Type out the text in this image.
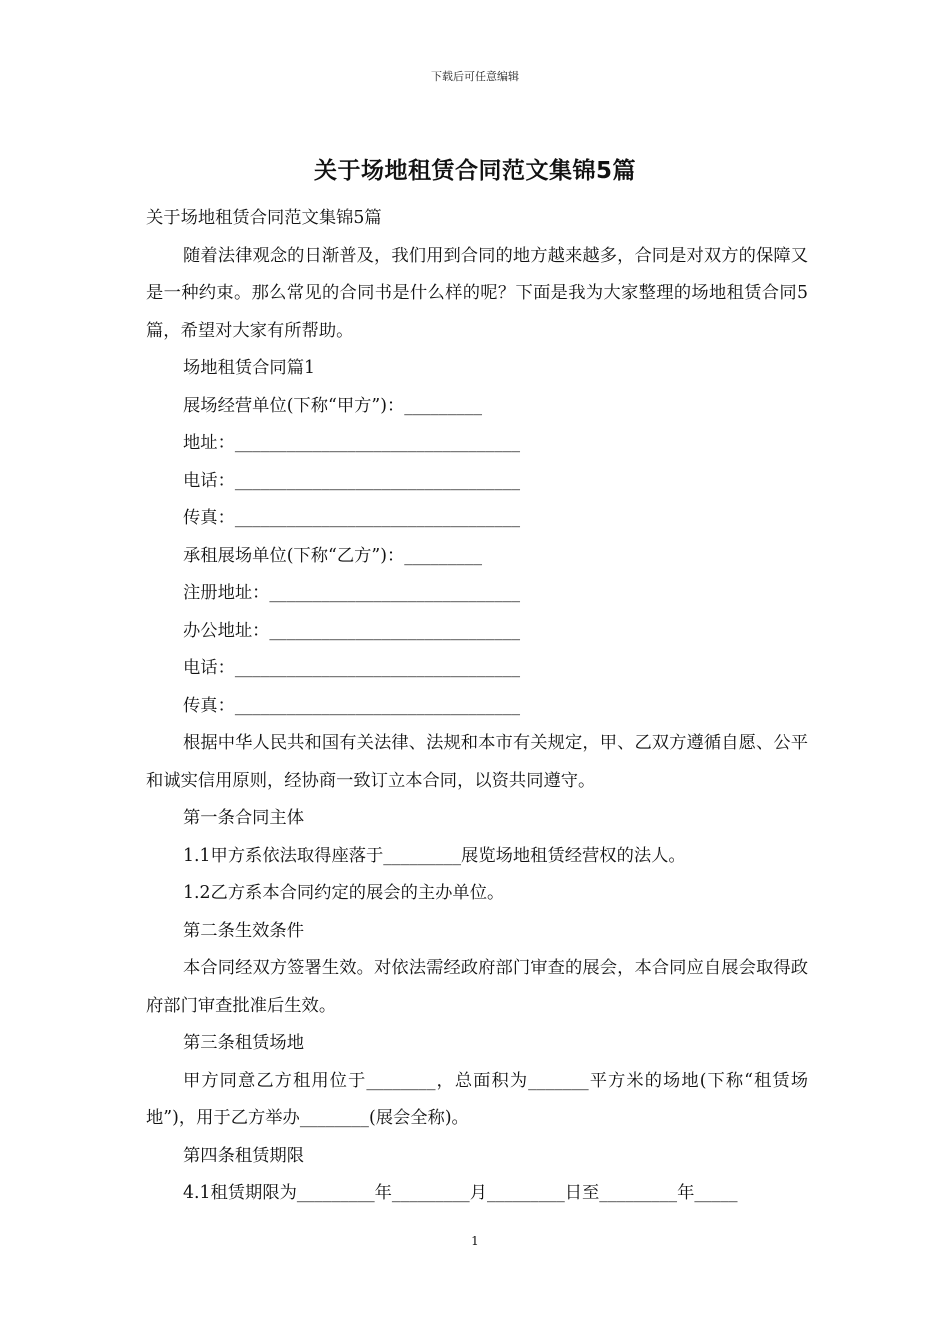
下载后可任意编辑
关于场地租赁合同范文集锦5篇

关于场地租赁合同范文集锦5篇

随着法律观念的日渐普及，我们用到合同的地方越来越多，合同是对双方的保障又是一种约束。那么常见的合同书是什么样的呢？下面是我为大家整理的场地租赁合同5篇，希望对大家有所帮助。

场地租赁合同篇1

展场经营单位(下称“甲方”)：_________

地址：_________________________________

电话：_________________________________

传真：_________________________________

承租展场单位(下称“乙方”)：_________

注册地址：_____________________________

办公地址：_____________________________

电话：_________________________________

传真：_________________________________

根据中华人民共和国有关法律、法规和本市有关规定，甲、乙双方遵循自愿、公平和诚实信用原则，经协商一致订立本合同，以资共同遵守。

第一条合同主体

1.1甲方系依法取得座落于_________展览场地租赁经营权的法人。

1.2乙方系本合同约定的展会的主办单位。

第二条生效条件

本合同经双方签署生效。对依法需经政府部门审查的展会，本合同应自展会取得政府部门审查批准后生效。

第三条租赁场地

甲方同意乙方租用位于________，总面积为_______平方米的场地(下称“租赁场地”)，用于乙方举办________(展会全称)。

第四条租赁期限

4.1租赁期限为_________年_________月_________日至_________年_____

1
